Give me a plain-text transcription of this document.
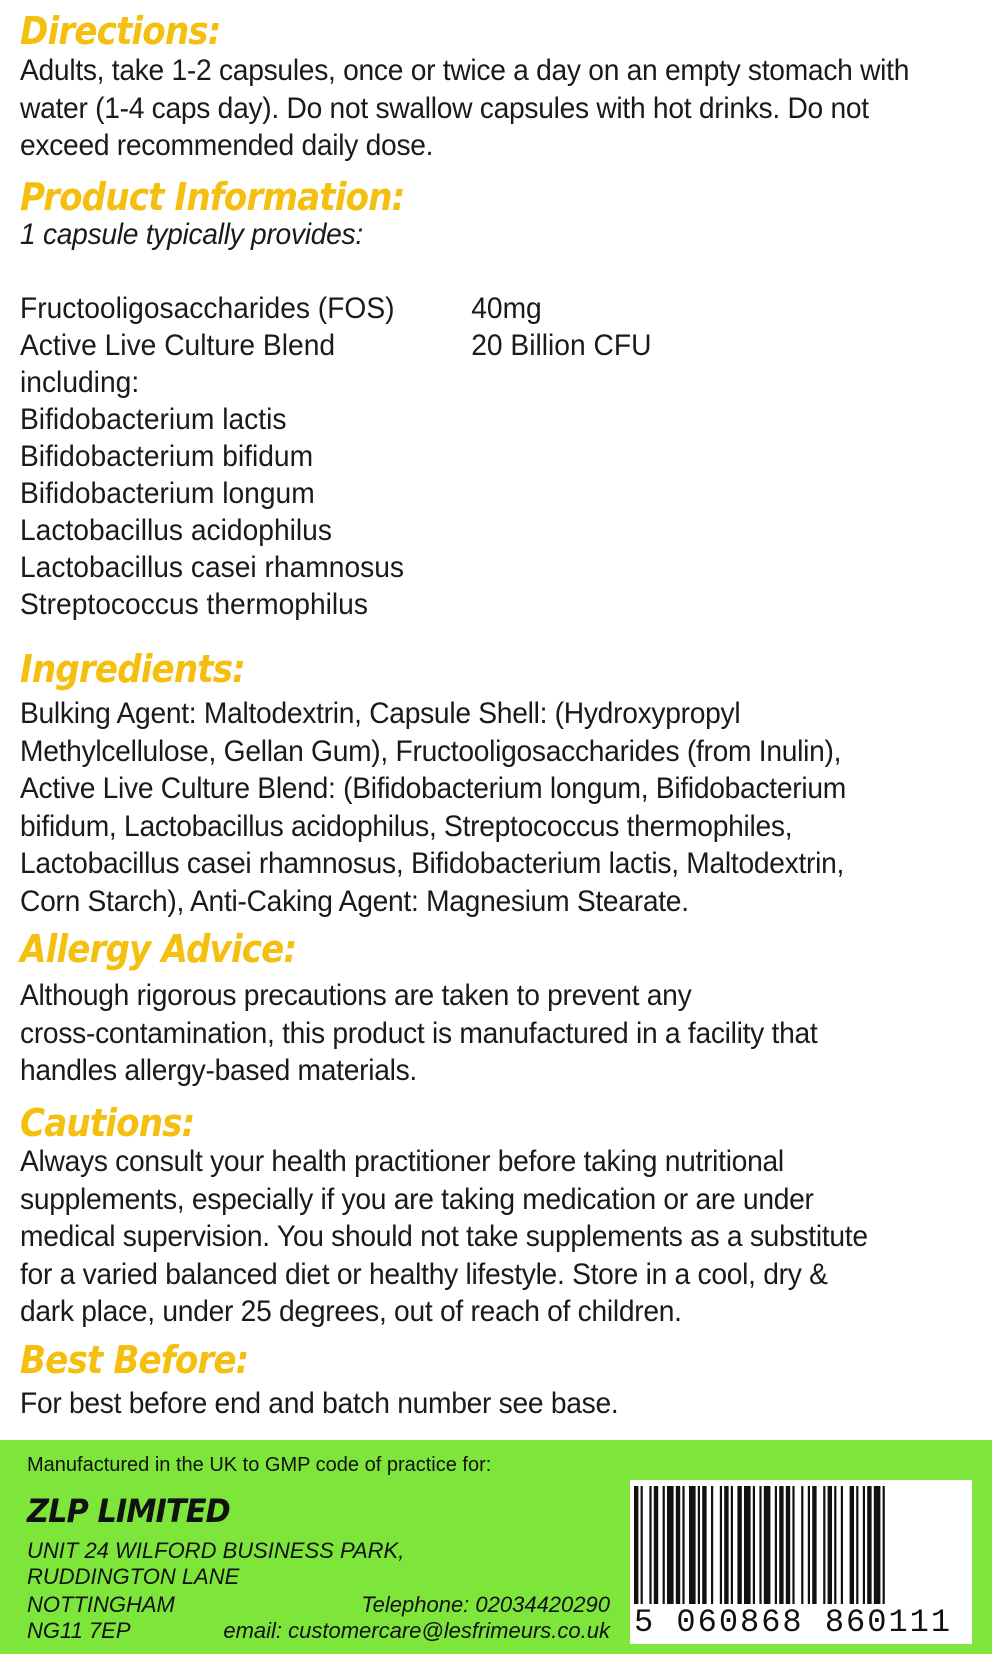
Directions:
Adults, take 1-2 capsules, once or twice a day on an empty stomach with
water (1-4 caps day). Do not swallow capsules with hot drinks. Do not
exceed recommended daily dose.
Product Information:
1 capsule typically provides:
Fructooligosaccharides (FOS)	40mg
Active Live Culture Blend	20 Billion CFU
including:
Bifidobacterium lactis
Bifidobacterium bifidum
Bifidobacterium longum
Lactobacillus acidophilus
Lactobacillus casei rhamnosus
Streptococcus thermophilus
Ingredients:
Bulking Agent: Maltodextrin, Capsule Shell: (Hydroxypropyl
Methylcellulose, Gellan Gum), Fructooligosaccharides (from Inulin),
Active Live Culture Blend: (Bifidobacterium longum, Bifidobacterium
bifidum, Lactobacillus acidophilus, Streptococcus thermophiles,
Lactobacillus casei rhamnosus, Bifidobacterium lactis, Maltodextrin,
Corn Starch), Anti-Caking Agent: Magnesium Stearate.
Allergy Advice:
Although rigorous precautions are taken to prevent any
cross-contamination, this product is manufactured in a facility that
handles allergy-based materials.
Cautions:
Always consult your health practitioner before taking nutritional
supplements, especially if you are taking medication or are under
medical supervision. You should not take supplements as a substitute
for a varied balanced diet or healthy lifestyle. Store in a cool, dry &
dark place, under 25 degrees, out of reach of children.
Best Before:
For best before end and batch number see base.
Manufactured in the UK to GMP code of practice for:
ZLP LIMITED
UNIT 24 WILFORD BUSINESS PARK,
RUDDINGTON LANE
NOTTINGHAM
NG11 7EP
Telephone: 02034420290
email: customercare@lesfrimeurs.co.uk 5 060868 860111
